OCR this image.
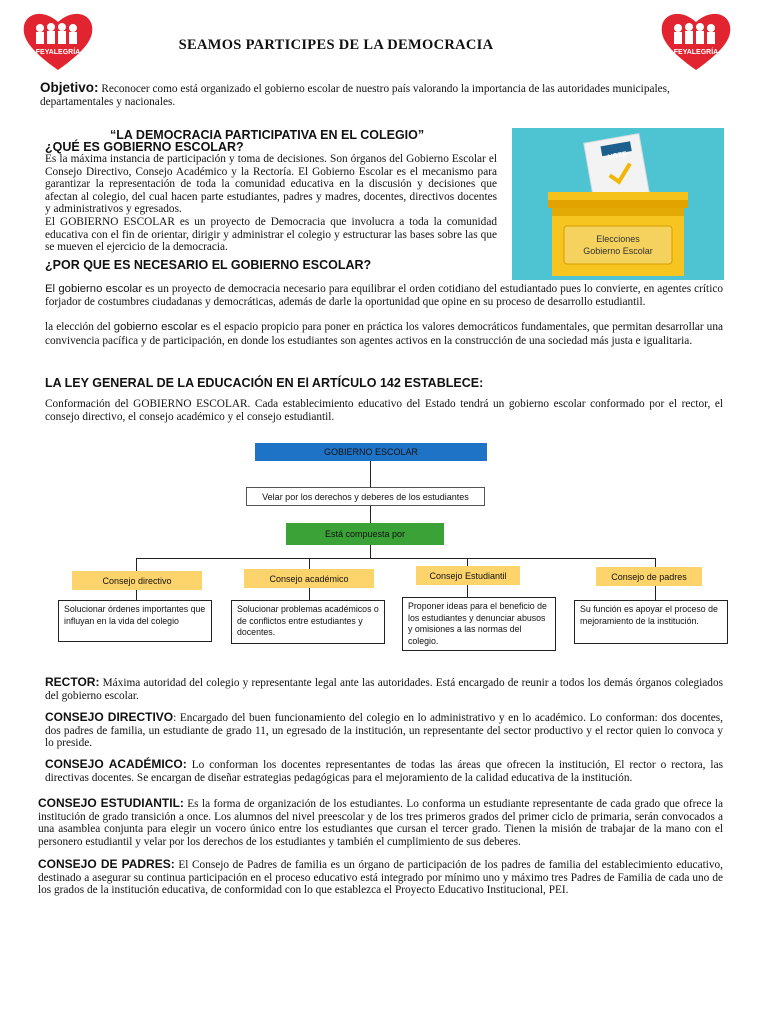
FEYALEGRÍA	FEYALEGRÍA
SEAMOS PARTICIPES DE LA DEMOCRACIA
Objetivo: Reconocer como está organizado el gobierno escolar de nuestro país valorando la importancia de las autoridades municipales, departamentales y nacionales.
“LA DEMOCRACIA PARTICIPATIVA EN EL COLEGIO”
¿QUÉ ES GOBIERNO ESCOLAR?
Es la máxima instancia de participación y toma de decisiones. Son órganos del Gobierno Escolar el Consejo Directivo, Consejo Académico y la Rectoría. El Gobierno Escolar es el mecanismo para garantizar la representación de toda la comunidad educativa en la discusión y decisiones que afectan al colegio, del cual hacen parte estudiantes, padres y madres, docentes, directivos docentes y administrativos y egresados.
El GOBIERNO ESCOLAR es un proyecto de Democracia que involucra a toda la comunidad educativa con el fin de orientar, dirigir y administrar el colegio y estructurar las bases sobre las que se mueven el ejercicio de la democracia.
Elecciones
Gobierno Escolar
VOTE
¿POR QUE ES NECESARIO EL GOBIERNO ESCOLAR?
El gobierno escolar es un proyecto de democracia necesario para equilibrar el orden cotidiano del estudiantado pues lo convierte, en agentes crítico forjador de costumbres ciudadanas y democráticas, además de darle la oportunidad que opine en su proceso de desarrollo estudiantil.
la elección del gobierno escolar es el espacio propicio para poner en práctica los valores democráticos fundamentales, que permitan desarrollar una convivencia pacífica y de participación, en donde los estudiantes son agentes activos en la construcción de una sociedad más justa e igualitaria.
LA LEY GENERAL DE LA EDUCACIÓN EN El ARTÍCULO 142 ESTABLECE:
Conformación del GOBIERNO ESCOLAR. Cada establecimiento educativo del Estado tendrá un gobierno escolar conformado por el rector, el consejo directivo, el consejo académico y el consejo estudiantil.
GOBIERNO ESCOLAR
Velar por los derechos y deberes de los estudiantes
Está compuesta por
Consejo directivo	Consejo académico	Consejo Estudiantil	Consejo de padres
Solucionar órdenes importantes que influyan en la vida del colegio
Solucionar problemas académicos o de conflictos entre estudiantes y docentes.
Proponer ideas para el beneficio de los estudiantes y denunciar abusos y omisiones a las normas del colegio.
Su función es apoyar el proceso de mejoramiento de la institución.
RECTOR: Máxima autoridad del colegio y representante legal ante las autoridades. Está encargado de reunir a todos los demás órganos colegiados del gobierno escolar.
CONSEJO DIRECTIVO: Encargado del buen funcionamiento del colegio en lo administrativo y en lo académico. Lo conforman: dos docentes, dos padres de familia, un estudiante de grado 11, un egresado de la institución, un representante del sector productivo y el rector quien lo convoca y lo preside.
CONSEJO ACADÉMICO: Lo conforman los docentes representantes de todas las áreas que ofrecen la institución, El rector o rectora, las directivas docentes. Se encargan de diseñar estrategias pedagógicas para el mejoramiento de la calidad educativa de la institución.
CONSEJO ESTUDIANTIL: Es la forma de organización de los estudiantes. Lo conforma un estudiante representante de cada grado que ofrece la institución de grado transición a once. Los alumnos del nivel preescolar y de los tres primeros grados del primer ciclo de primaria, serán convocados a una asamblea conjunta para elegir un vocero único entre los estudiantes que cursan el tercer grado. Tienen la misión de trabajar de la mano con el personero estudiantil y velar por los derechos de los estudiantes y también el cumplimiento de sus deberes.
CONSEJO DE PADRES: El Consejo de Padres de familia es un órgano de participación de los padres de familia del establecimiento educativo, destinado a asegurar su continua participación en el proceso educativo está integrado por mínimo uno y máximo tres Padres de Familia de cada uno de los grados de la institución educativa, de conformidad con lo que establezca el Proyecto Educativo Institucional, PEI.
